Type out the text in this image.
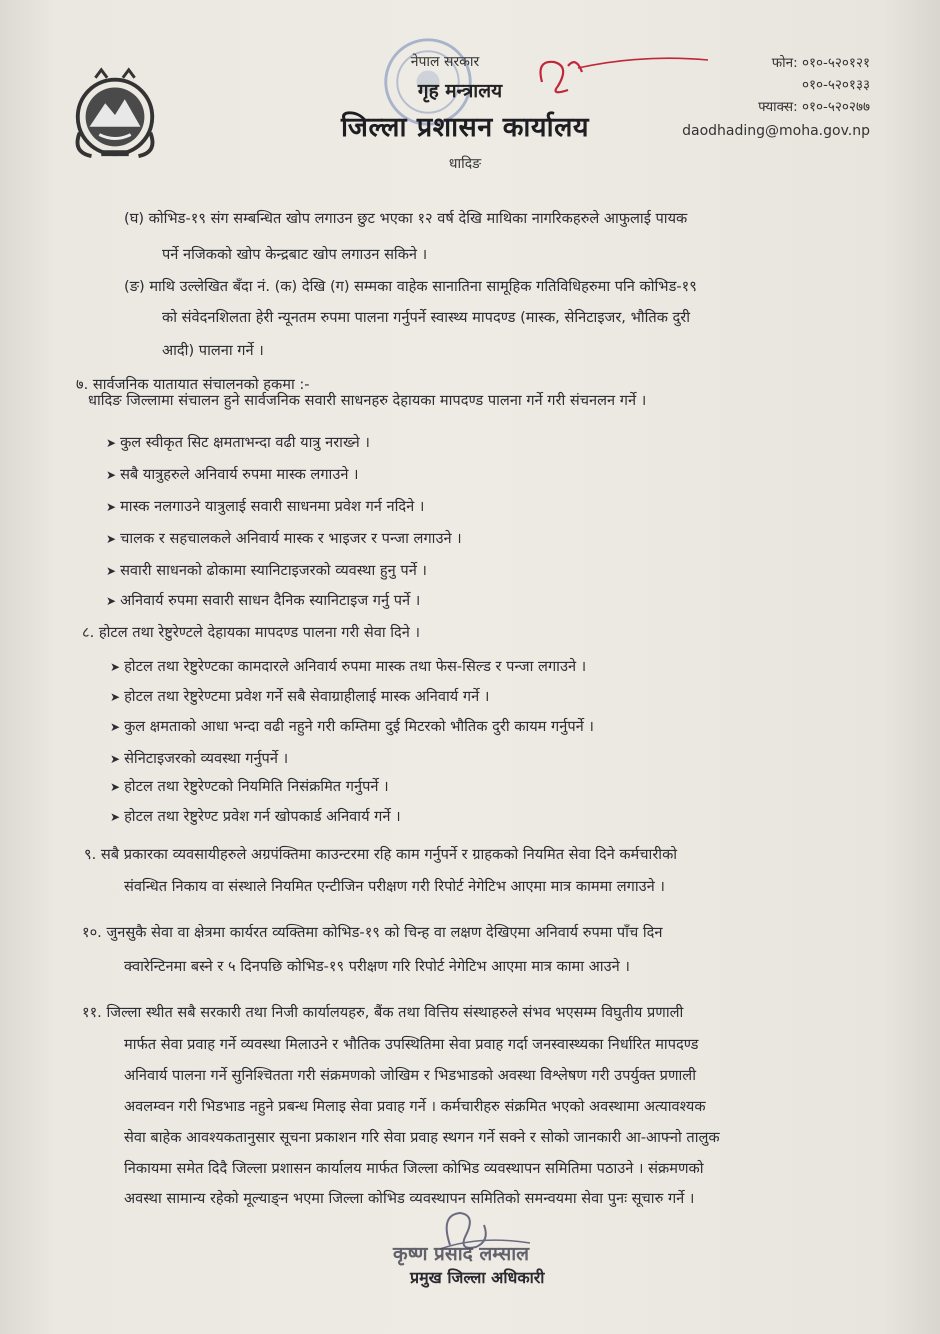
नेपाल सरकार
गृह मन्त्रालय
जिल्ला प्रशासन कार्यालय
धादिङ
फोन: ०१०-५२०१२१
०१०-५२०१३३
फ्याक्स: ०१०-५२०२७७
daodhading@moha.gov.np
(घ) कोभिड-१९ संग सम्बन्धित खोप लगाउन छुट भएका १२ वर्ष देखि माथिका नागरिकहरुले आफुलाई पायक
पर्ने नजिकको खोप केन्द्रबाट खोप लगाउन सकिने ।
(ङ) माथि उल्लेखित बँदा नं. (क) देखि (ग) सम्मका वाहेक सानातिना सामूहिक गतिविधिहरुमा पनि कोभिड-१९
को संवेदनशिलता हेरी न्यूनतम रुपमा पालना गर्नुपर्ने स्वास्थ्य मापदण्ड (मास्क, सेनिटाइजर, भौतिक दुरी
आदी) पालना गर्ने ।
७. सार्वजनिक यातायात संचालनको हकमा :-
धादिङ जिल्लामा संचालन हुने सार्वजनिक सवारी साधनहरु देहायका मापदण्ड पालना गर्ने गरी संचनलन गर्ने ।
➤ कुल स्वीकृत सिट क्षमताभन्दा वढी यात्रु नराख्ने ।
➤ सबै यात्रुहरुले अनिवार्य रुपमा मास्क लगाउने ।
➤ मास्क नलगाउने यात्रुलाई सवारी साधनमा प्रवेश गर्न नदिने ।
➤ चालक र सहचालकले अनिवार्य मास्क र भाइजर र पन्जा लगाउने ।
➤ सवारी साधनको ढोकामा स्यानिटाइजरको व्यवस्था हुनु पर्ने ।
➤ अनिवार्य रुपमा सवारी साधन दैनिक स्यानिटाइज गर्नु पर्ने ।
८. होटल तथा रेष्टुरेण्टले देहायका मापदण्ड पालना गरी सेवा दिने ।
➤ होटल तथा रेष्टुरेण्टका कामदारले अनिवार्य रुपमा मास्क तथा फेस-सिल्ड र पन्जा लगाउने ।
➤ होटल तथा रेष्टुरेण्टमा प्रवेश गर्ने सबै सेवाग्राहीलाई मास्क अनिवार्य गर्ने ।
➤ कुल क्षमताको आधा भन्दा वढी नहुने गरी कम्तिमा दुई मिटरको भौतिक दुरी कायम गर्नुपर्ने ।
➤ सेनिटाइजरको व्यवस्था गर्नुपर्ने ।
➤ होटल तथा रेष्टुरेण्टको नियमिति निसंक्रमित गर्नुपर्ने ।
➤ होटल तथा रेष्टुरेण्ट प्रवेश गर्न खोपकार्ड अनिवार्य गर्ने ।
९. सबै प्रकारका व्यवसायीहरुले अग्रपंक्तिमा काउन्टरमा रहि काम गर्नुपर्ने र ग्राहकको नियमित सेवा दिने कर्मचारीको
संवन्धित निकाय वा संस्थाले नियमित एन्टीजिन परीक्षण गरी रिपोर्ट नेगेटिभ आएमा मात्र काममा लगाउने ।
१०. जुनसुकै सेवा वा क्षेत्रमा कार्यरत व्यक्तिमा कोभिड-१९ को चिन्ह वा लक्षण देखिएमा अनिवार्य रुपमा पाँच दिन
क्वारेन्टिनमा बस्ने र ५ दिनपछि कोभिड-१९ परीक्षण गरि रिपोर्ट नेगेटिभ आएमा मात्र कामा आउने ।
११. जिल्ला स्थीत सबै सरकारी तथा निजी कार्यालयहरु, बैंक तथा वित्तिय संस्थाहरुले संभव भएसम्म विघुतीय प्रणाली
मार्फत सेवा प्रवाह गर्ने व्यवस्था मिलाउने र भौतिक उपस्थितिमा सेवा प्रवाह गर्दा जनस्वास्थ्यका निर्धारित मापदण्ड
अनिवार्य पालना गर्ने सुनिश्चितता गरी संक्रमणको जोखिम र भिडभाडको अवस्था विश्लेषण गरी उपर्युक्त प्रणाली
अवलम्वन गरी भिडभाड नहुने प्रबन्ध मिलाइ सेवा प्रवाह गर्ने । कर्मचारीहरु संक्रमित भएको अवस्थामा अत्यावश्यक
सेवा बाहेक आवश्यकतानुसार सूचना प्रकाशन गरि सेवा प्रवाह स्थगन गर्ने सक्ने र सोको जानकारी आ-आफ्नो तालुक
निकायमा समेत दिदै जिल्ला प्रशासन कार्यालय मार्फत जिल्ला कोभिड व्यवस्थापन समितिमा पठाउने । संक्रमणको
अवस्था सामान्य रहेको मूल्याङ्न भएमा जिल्ला कोभिड व्यवस्थापन समितिको समन्वयमा सेवा पुनः सूचारु गर्ने ।
कृष्ण प्रसाद लम्साल
प्रमुख जिल्ला अधिकारी
